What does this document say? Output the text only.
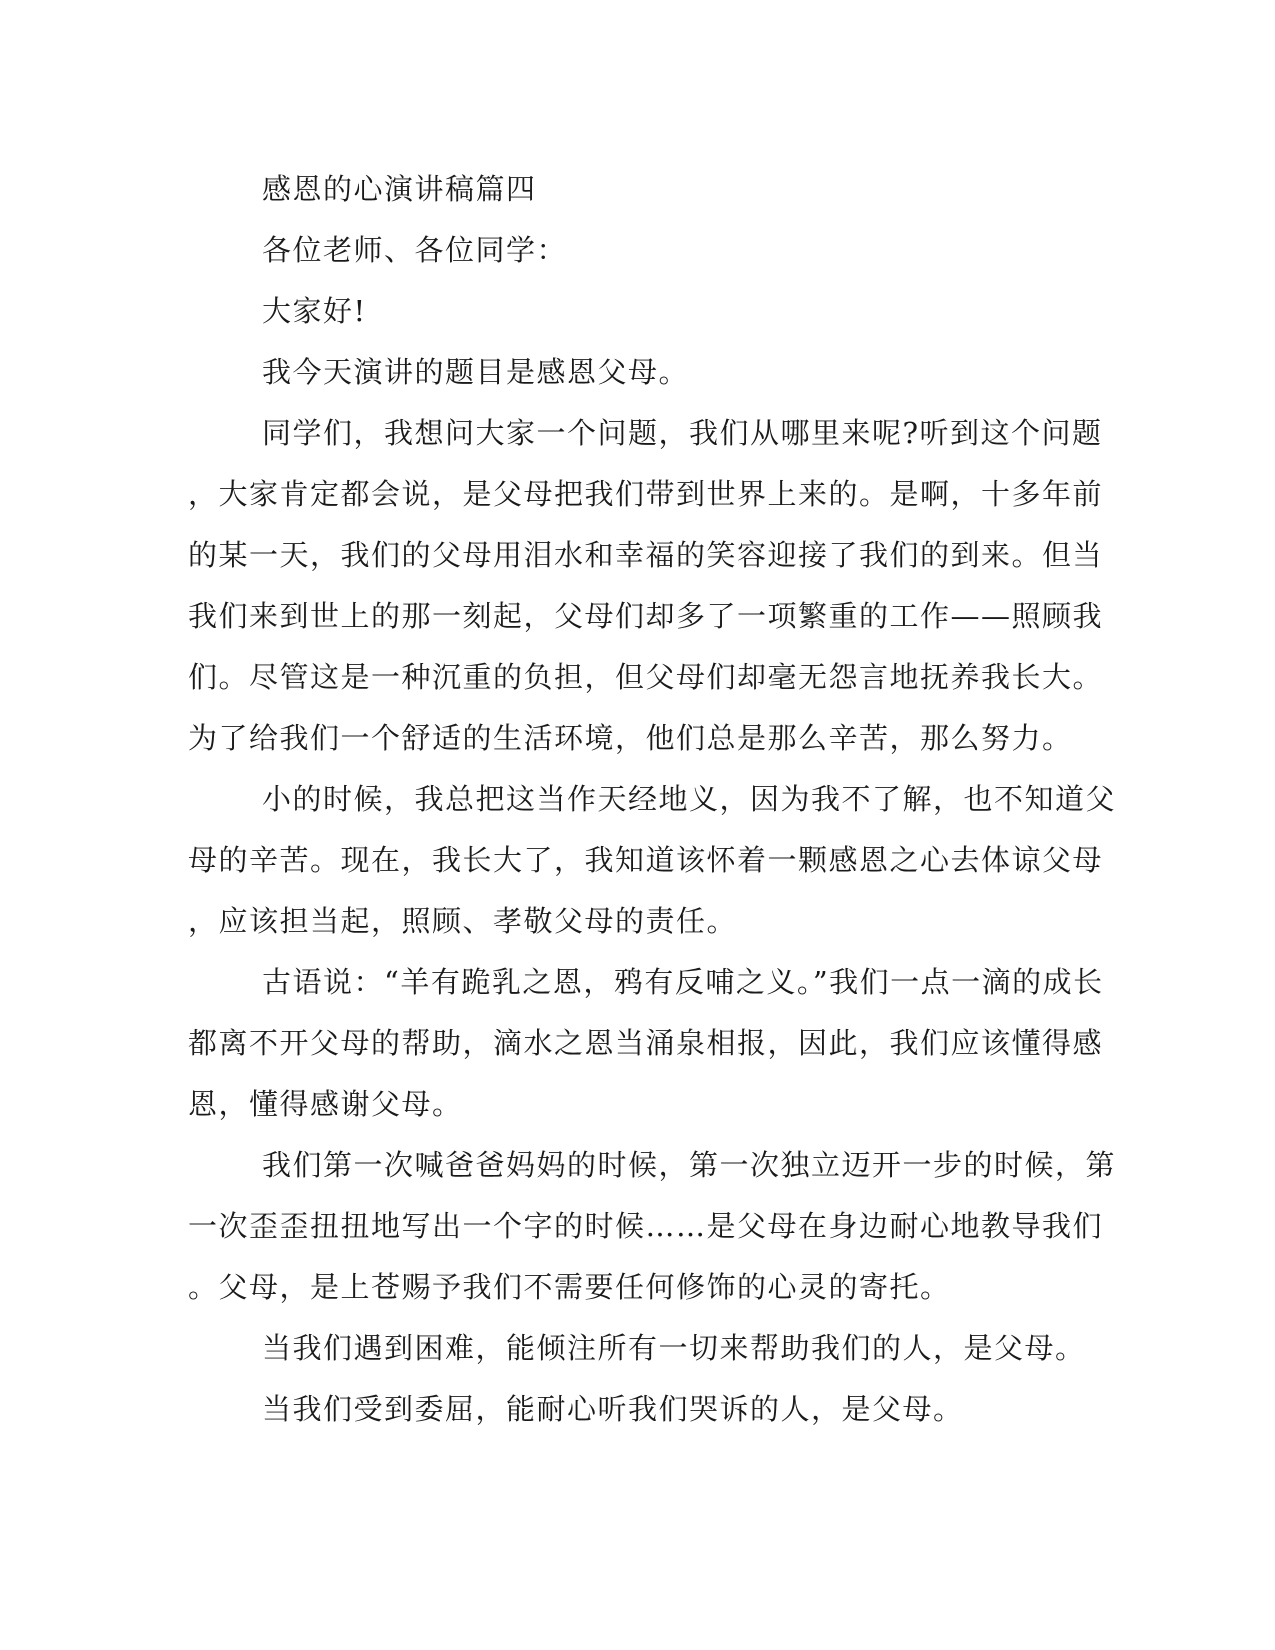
感恩的心演讲稿篇四
各位老师、各位同学：
大家好!
我今天演讲的题目是感恩父母。
同学们，我想问大家一个问题，我们从哪里来呢?听到这个问题
，大家肯定都会说，是父母把我们带到世界上来的。是啊，十多年前
的某一天，我们的父母用泪水和幸福的笑容迎接了我们的到来。但当
我们来到世上的那一刻起，父母们却多了一项繁重的工作——照顾我
们。尽管这是一种沉重的负担，但父母们却毫无怨言地抚养我长大。
为了给我们一个舒适的生活环境，他们总是那么辛苦，那么努力。
小的时候，我总把这当作天经地义，因为我不了解，也不知道父
母的辛苦。现在，我长大了，我知道该怀着一颗感恩之心去体谅父母
，应该担当起，照顾、孝敬父母的责任。
古语说：“羊有跪乳之恩，鸦有反哺之义。”我们一点一滴的成长
都离不开父母的帮助，滴水之恩当涌泉相报，因此，我们应该懂得感
恩，懂得感谢父母。
我们第一次喊爸爸妈妈的时候，第一次独立迈开一步的时候，第
一次歪歪扭扭地写出一个字的时候……是父母在身边耐心地教导我们
。父母，是上苍赐予我们不需要任何修饰的心灵的寄托。
当我们遇到困难，能倾注所有一切来帮助我们的人，是父母。
当我们受到委屈，能耐心听我们哭诉的人，是父母。
